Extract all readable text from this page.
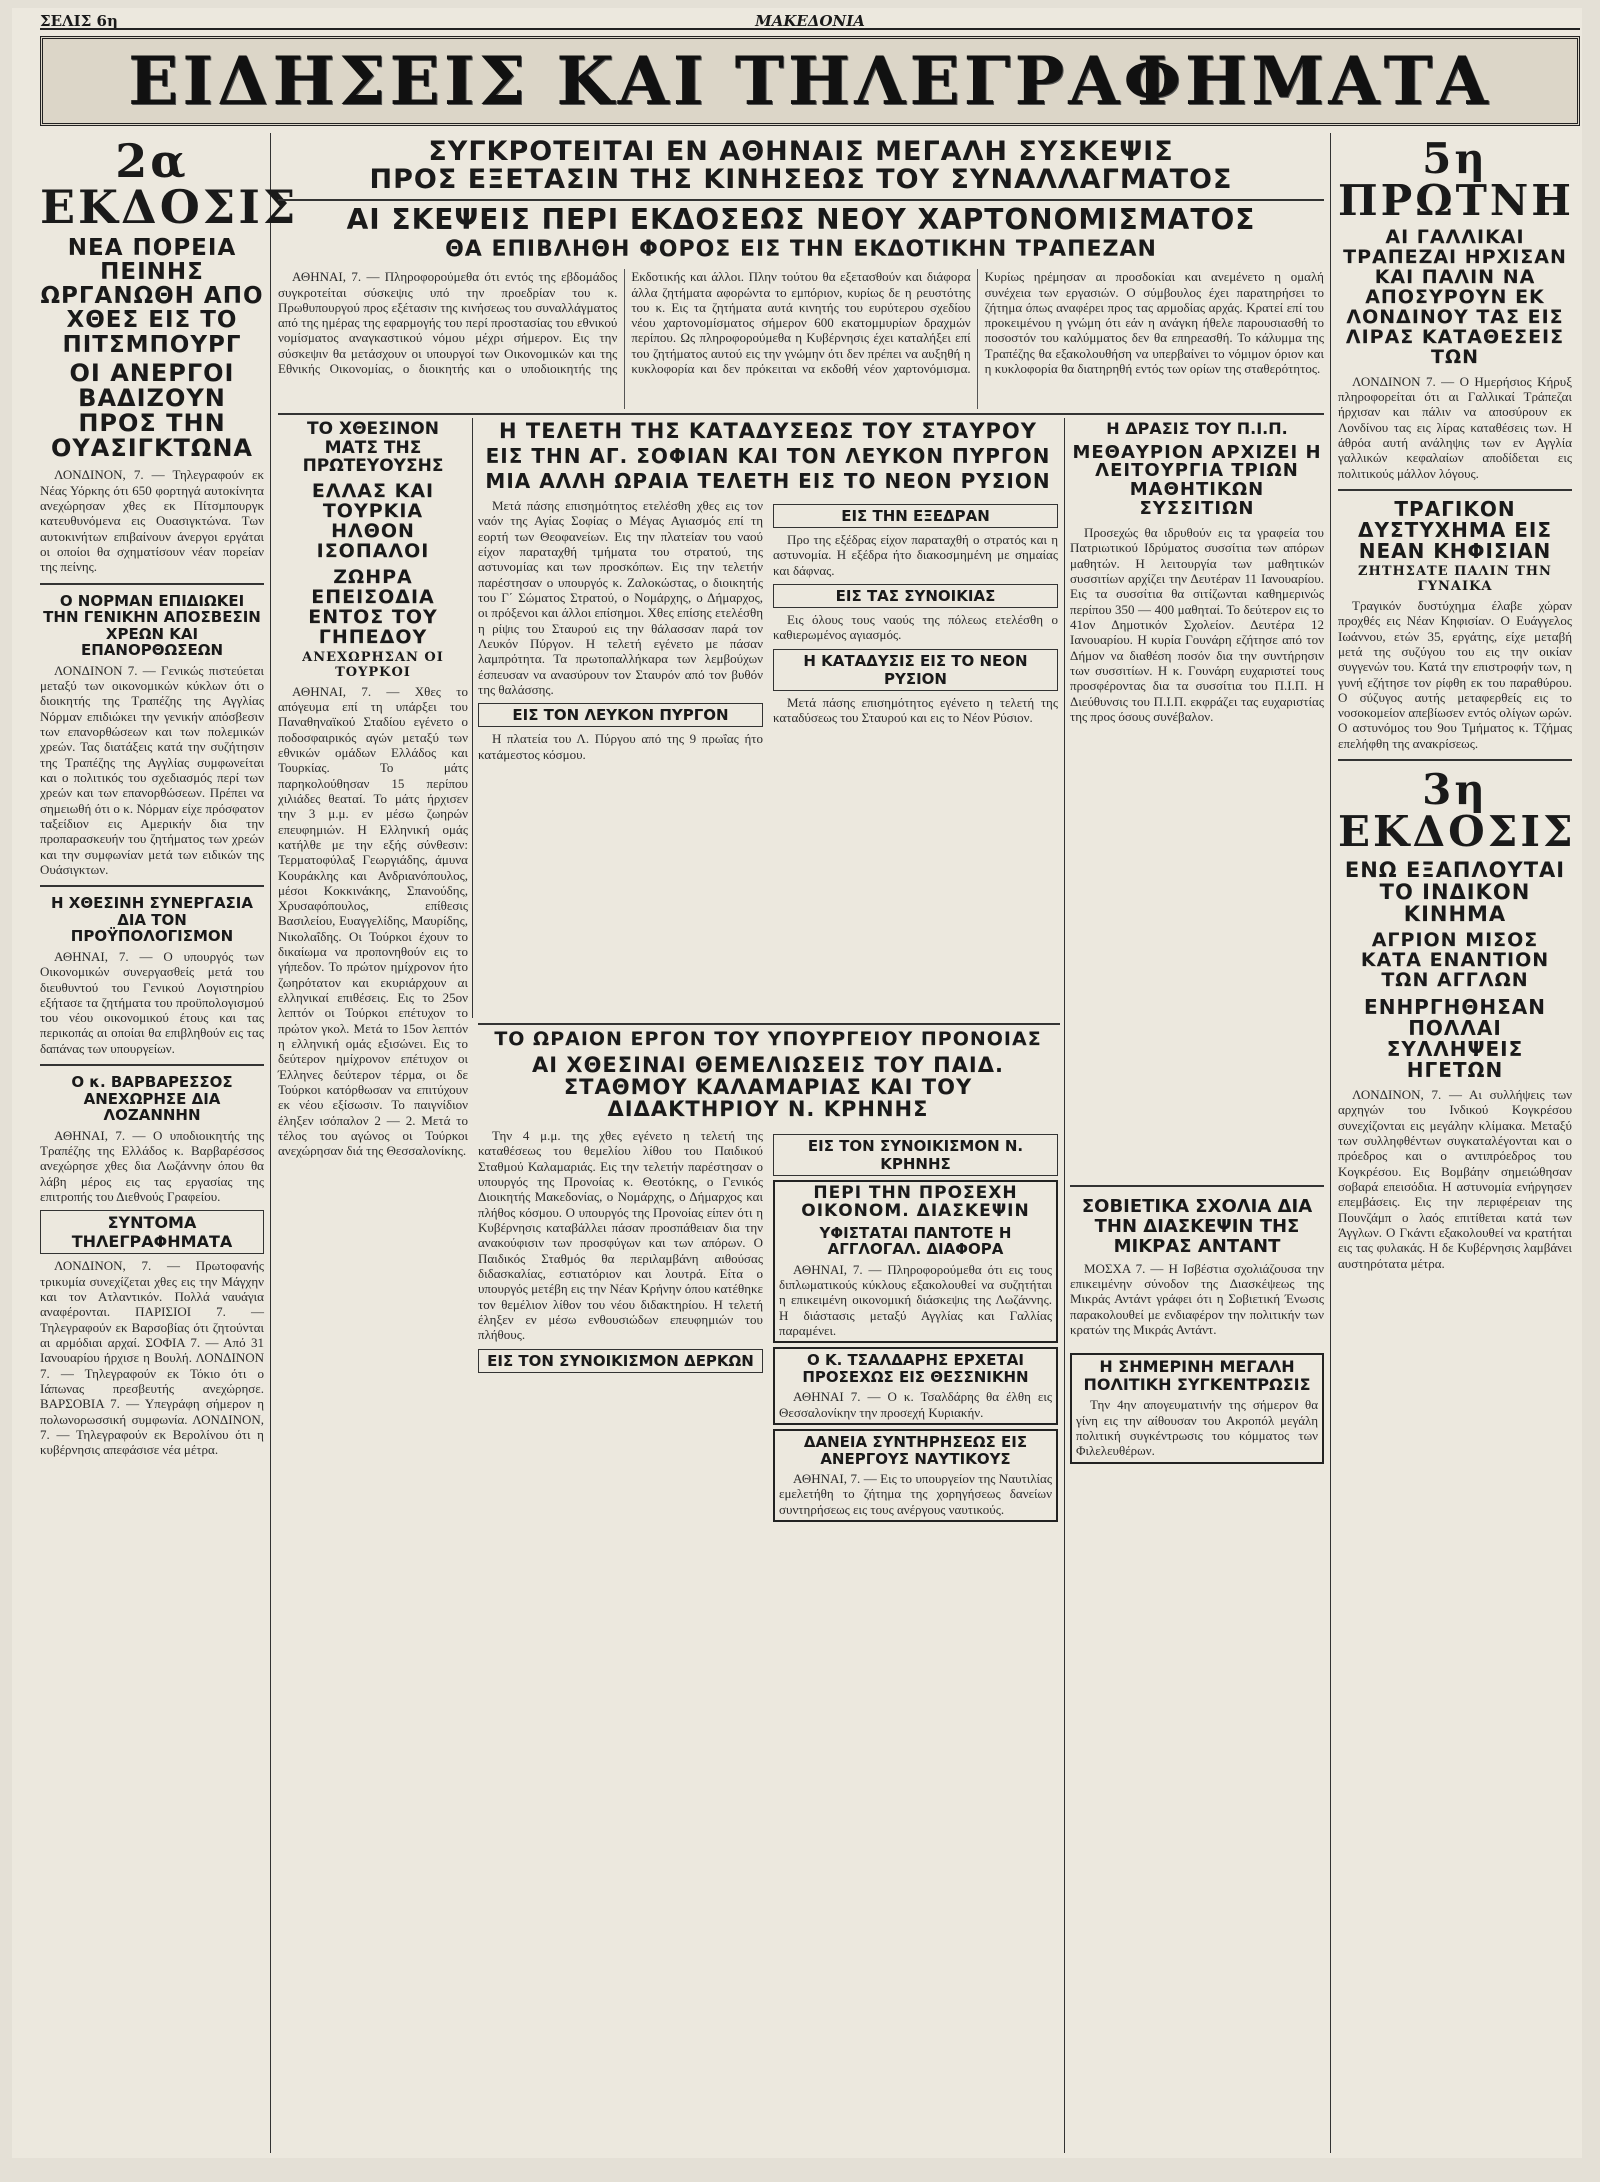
ΣΕΛΙΣ 6η	ΜΑΚΕΔΟΝΙΑ
ΕΙΔΗΣΕΙΣ ΚΑΙ ΤΗΛΕΓΡΑΦΗΜΑΤΑ
2α ΕΚΔΟΣΙΣ
ΝΕΑ ΠΟΡΕΙΑ ΠΕΙΝΗΣ ΩΡΓΑΝΩΘΗ ΑΠΟ ΧΘΕΣ ΕΙΣ ΤΟ ΠΙΤΣΜΠΟΥΡΓ
ΟΙ ΑΝΕΡΓΟΙ ΒΑΔΙΖΟΥΝ ΠΡΟΣ ΤΗΝ ΟΥΑΣΙΓΚΤΩΝΑ
ΛΟΝΔΙΝΟΝ, 7. — Τηλεγραφούν εκ Νέας Υόρκης ότι 650 φορτηγά αυτοκίνητα ανεχώρησαν χθες εκ Πίτσμπουργκ κατευθυνόμενα εις Ουασιγκτώνα. Των αυτοκινήτων επιβαίνουν άνεργοι εργάται οι οποίοι θα σχηματίσουν νέαν πορείαν της πείνης.
Ο ΝΟΡΜΑΝ ΕΠΙΔΙΩΚΕΙ ΤΗΝ ΓΕΝΙΚΗΝ ΑΠΟΣΒΕΣΙΝ ΧΡΕΩΝ ΚΑΙ ΕΠΑΝΟΡΘΩΣΕΩΝ
ΛΟΝΔΙΝΟΝ 7. — Γενικώς πιστεύεται μεταξύ των οικονομικών κύκλων ότι ο διοικητής της Τραπέζης της Αγγλίας Νόρμαν επιδιώκει την γενικήν απόσβεσιν των επανορθώσεων και των πολεμικών χρεών. Τας διατάξεις κατά την συζήτησιν της Τραπέζης της Αγγλίας συμφωνείται και ο πολιτικός του σχεδιασμός περί των χρεών και των επανορθώσεων. Πρέπει να σημειωθή ότι ο κ. Νόρμαν είχε πρόσφατον ταξείδιον εις Αμερικήν δια την προπαρασκευήν του ζητήματος των χρεών και την συμφωνίαν μετά των ειδικών της Ουάσιγκτων.
Η ΧΘΕΣΙΝΗ ΣΥΝΕΡΓΑΣΙΑ ΔΙΑ ΤΟΝ ΠΡΟΫΠΟΛΟΓΙΣΜΟΝ
ΑΘΗΝΑΙ, 7. — Ο υπουργός των Οικονομικών συνεργασθείς μετά του διευθυντού του Γενικού Λογιστηρίου εξήτασε τα ζητήματα του προϋπολογισμού του νέου οικονομικού έτους και τας περικοπάς αι οποίαι θα επιβληθούν εις τας δαπάνας των υπουργείων.
Ο κ. ΒΑΡΒΑΡΕΣΣΟΣ ΑΝΕΧΩΡΗΣΕ ΔΙΑ ΛΟΖΑΝΝΗΝ
ΑΘΗΝΑΙ, 7. — Ο υποδιοικητής της Τραπέζης της Ελλάδος κ. Βαρβαρέσσος ανεχώρησε χθες δια Λωζάννην όπου θα λάβη μέρος εις τας εργασίας της επιτροπής του Διεθνούς Γραφείου.
ΣΥΝΤΟΜΑ ΤΗΛΕΓΡΑΦΗΜΑΤΑ
ΛΟΝΔΙΝΟΝ, 7. — Πρωτοφανής τρικυμία συνεχίζεται χθες εις την Μάγχην και τον Ατλαντικόν. Πολλά ναυάγια αναφέρονται. ΠΑΡΙΣΙΟΙ 7. — Τηλεγραφούν εκ Βαρσοβίας ότι ζητούνται αι αρμόδιαι αρχαί. ΣΟΦΙΑ 7. — Από 31 Ιανουαρίου ήρχισε η Βουλή. ΛΟΝΔΙΝΟΝ 7. — Τηλεγραφούν εκ Τόκιο ότι ο Ιάπωνας πρεσβευτής ανεχώρησε. ΒΑΡΣΟΒΙΑ 7. — Υπεγράφη σήμερον η πολωνορωσσική συμφωνία. ΛΟΝΔΙΝΟΝ, 7. — Τηλεγραφούν εκ Βερολίνου ότι η κυβέρνησις απεφάσισε νέα μέτρα.
ΣΥΓΚΡΟΤΕΙΤΑΙ ΕΝ ΑΘΗΝΑΙΣ ΜΕΓΑΛΗ ΣΥΣΚΕΨΙΣ
ΠΡΟΣ ΕΞΕΤΑΣΙΝ ΤΗΣ ΚΙΝΗΣΕΩΣ ΤΟΥ ΣΥΝΑΛΛΑΓΜΑΤΟΣ
ΑΙ ΣΚΕΨΕΙΣ ΠΕΡΙ ΕΚΔΟΣΕΩΣ ΝΕΟΥ ΧΑΡΤΟΝΟΜΙΣΜΑΤΟΣ
ΘΑ ΕΠΙΒΛΗΘΗ ΦΟΡΟΣ ΕΙΣ ΤΗΝ ΕΚΔΟΤΙΚΗΝ ΤΡΑΠΕΖΑΝ
ΑΘΗΝΑΙ, 7. — Πληροφορούμεθα ότι εντός της εβδομάδος συγκροτείται σύσκεψις υπό την προεδρίαν του κ. Πρωθυπουργού προς εξέτασιν της κινήσεως του συναλλάγματος από της ημέρας της εφαρμογής του περί προστασίας του εθνικού νομίσματος αναγκαστικού νόμου μέχρι σήμερον. Εις την σύσκεψιν θα μετάσχουν οι υπουργοί των Οικονομικών και της Εθνικής Οικονομίας, ο διοικητής και ο υποδιοικητής της Εκδοτικής και άλλοι. Πλην τούτου θα εξετασθούν και διάφορα άλλα ζητήματα αφορώντα το εμπόριον, κυρίως δε η ρευστότης του κ. Εις τα ζητήματα αυτά κινητής του ευρύτερου σχεδίου νέου χαρτονομίσματος σήμερον 600 εκατομμυρίων δραχμών περίπου. Ως πληροφορούμεθα η Κυβέρνησις έχει καταλήξει επί του ζητήματος αυτού εις την γνώμην ότι δεν πρέπει να αυξηθή η κυκλοφορία και δεν πρόκειται να εκδοθή νέον χαρτονόμισμα. Κυρίως ηρέμησαν αι προσδοκίαι και ανεμένετο η ομαλή συνέχεια των εργασιών. Ο σύμβουλος έχει παρατηρήσει το ζήτημα όπως αναφέρει προς τας αρμοδίας αρχάς. Κρατεί επί του προκειμένου η γνώμη ότι εάν η ανάγκη ήθελε παρουσιασθή το ποσοστόν του καλύμματος δεν θα επηρεασθή. Το κάλυμμα της Τραπέζης θα εξακολουθήση να υπερβαίνει το νόμιμον όριον και η κυκλοφορία θα διατηρηθή εντός των ορίων της σταθερότητος.
ΤΟ ΧΘΕΣΙΝΟΝ ΜΑΤΣ ΤΗΣ ΠΡΩΤΕΥΟΥΣΗΣ
ΕΛΛΑΣ ΚΑΙ ΤΟΥΡΚΙΑ ΗΛΘΟΝ ΙΣΟΠΑΛΟΙ
ΖΩΗΡΑ ΕΠΕΙΣΟΔΙΑ ΕΝΤΟΣ ΤΟΥ ΓΗΠΕΔΟΥ
ΑΝΕΧΩΡΗΣΑΝ ΟΙ ΤΟΥΡΚΟΙ
ΑΘΗΝΑΙ, 7. — Χθες το απόγευμα επί τη υπάρξει του Παναθηναϊκού Σταδίου εγένετο ο ποδοσφαιρικός αγών μεταξύ των εθνικών ομάδων Ελλάδος και Τουρκίας. Το μάτς παρηκολούθησαν 15 περίπου χιλιάδες θεαταί. Το μάτς ήρχισεν την 3 μ.μ. εν μέσω ζωηρών επευφημιών. Η Ελληνική ομάς κατήλθε με την εξής σύνθεσιν: Τερματοφύλαξ Γεωργιάδης, άμυνα Κουράκλης και Ανδριανόπουλος, μέσοι Κοκκινάκης, Σπανούδης, Χρυσαφόπουλος, επίθεσις Βασιλείου, Ευαγγελίδης, Μαυρίδης, Νικολαΐδης. Οι Τούρκοι έχουν το δικαίωμα να προπονηθούν εις το γήπεδον. Το πρώτον ημίχρονον ήτο ζωηρότατον και εκυριάρχουν αι ελληνικαί επιθέσεις. Εις το 25ον λεπτόν οι Τούρκοι επέτυχον το πρώτον γκολ. Μετά το 15ον λεπτόν η ελληνική ομάς εξισώνει. Εις το δεύτερον ημίχρονον επέτυχον οι Έλληνες δεύτερον τέρμα, οι δε Τούρκοι κατόρθωσαν να επιτύχουν εκ νέου εξίσωσιν. Το παιγνίδιον έληξεν ισόπαλον 2 — 2. Μετά το τέλος του αγώνος οι Τούρκοι ανεχώρησαν διά της Θεσσαλονίκης.
Η ΤΕΛΕΤΗ ΤΗΣ ΚΑΤΑΔΥΣΕΩΣ ΤΟΥ ΣΤΑΥΡΟΥ
ΕΙΣ ΤΗΝ ΑΓ. ΣΟΦΙΑΝ ΚΑΙ ΤΟΝ ΛΕΥΚΟΝ ΠΥΡΓΟΝ
ΜΙΑ ΑΛΛΗ ΩΡΑΙΑ ΤΕΛΕΤΗ ΕΙΣ ΤΟ ΝΕΟΝ ΡΥΣΙΟΝ
Μετά πάσης επισημότητος ετελέσθη χθες εις τον ναόν της Αγίας Σοφίας ο Μέγας Αγιασμός επί τη εορτή των Θεοφανείων. Εις την πλατείαν του ναού είχον παραταχθή τμήματα του στρατού, της αστυνομίας και των προσκόπων. Εις την τελετήν παρέστησαν ο υπουργός κ. Ζαλοκώστας, ο διοικητής του Γ΄ Σώματος Στρατού, ο Νομάρχης, ο Δήμαρχος, οι πρόξενοι και άλλοι επίσημοι. Χθες επίσης ετελέσθη η ρίψις του Σταυρού εις την θάλασσαν παρά τον Λευκόν Πύργον. Η τελετή εγένετο με πάσαν λαμπρότητα. Τα πρωτοπαλλήκαρα των λεμβούχων έσπευσαν να ανασύρουν τον Σταυρόν από τον βυθόν της θαλάσσης.
ΕΙΣ ΤΟΝ ΛΕΥΚΟΝ ΠΥΡΓΟΝ
Η πλατεία του Λ. Πύργου από της 9 πρωΐας ήτο κατάμεστος κόσμου.
ΕΙΣ ΤΗΝ ΕΞΕΔΡΑΝ
Προ της εξέδρας είχον παραταχθή ο στρατός και η αστυνομία. Η εξέδρα ήτο διακοσμημένη με σημαίας και δάφνας.
ΕΙΣ ΤΑΣ ΣΥΝΟΙΚΙΑΣ
Εις όλους τους ναούς της πόλεως ετελέσθη ο καθιερωμένος αγιασμός.
Η ΚΑΤΑΔΥΣΙΣ ΕΙΣ ΤΟ ΝΕΟΝ ΡΥΣΙΟΝ
Μετά πάσης επισημότητος εγένετο η τελετή της καταδύσεως του Σταυρού και εις το Νέον Ρύσιον.
Η ΔΡΑΣΙΣ ΤΟΥ Π.Ι.Π.
ΜΕΘΑΥΡΙΟΝ ΑΡΧΙΖΕΙ Η ΛΕΙΤΟΥΡΓΙΑ ΤΡΙΩΝ ΜΑΘΗΤΙΚΩΝ ΣΥΣΣΙΤΙΩΝ
Προσεχώς θα ιδρυθούν εις τα γραφεία του Πατριωτικού Ιδρύματος συσσίτια των απόρων μαθητών. Η λειτουργία των μαθητικών συσσιτίων αρχίζει την Δευτέραν 11 Ιανουαρίου. Εις τα συσσίτια θα σιτίζωνται καθημερινώς περίπου 350 — 400 μαθηταί. Το δεύτερον εις το 41ον Δημοτικόν Σχολείον. Δευτέρα 12 Ιανουαρίου. Η κυρία Γουνάρη εζήτησε από τον Δήμον να διαθέση ποσόν δια την συντήρησιν των συσσιτίων. Η κ. Γουνάρη ευχαριστεί τους προσφέροντας δια τα συσσίτια του Π.Ι.Π. Η Διεύθυνσις του Π.Ι.Π. εκφράζει τας ευχαριστίας της προς όσους συνέβαλον.
ΣΟΒΙΕΤΙΚΑ ΣΧΟΛΙΑ ΔΙΑ ΤΗΝ ΔΙΑΣΚΕΨΙΝ ΤΗΣ ΜΙΚΡΑΣ ΑΝΤΑΝΤ
ΜΟΣΧΑ 7. — Η Ισβέστια σχολιάζουσα την επικειμένην σύνοδον της Διασκέψεως της Μικράς Αντάντ γράφει ότι η Σοβιετική Ένωσις παρακολουθεί με ενδιαφέρον την πολιτικήν των κρατών της Μικράς Αντάντ.
Η ΣΗΜΕΡΙΝΗ ΜΕΓΑΛΗ ΠΟΛΙΤΙΚΗ ΣΥΓΚΕΝΤΡΩΣΙΣ
Την 4ην απογευματινήν της σήμερον θα γίνη εις την αίθουσαν του Ακροπόλ μεγάλη πολιτική συγκέντρωσις του κόμματος των Φιλελευθέρων.
ΤΟ ΩΡΑΙΟΝ ΕΡΓΟΝ ΤΟΥ ΥΠΟΥΡΓΕΙΟΥ ΠΡΟΝΟΙΑΣ
ΑΙ ΧΘΕΣΙΝΑΙ ΘΕΜΕΛΙΩΣΕΙΣ ΤΟΥ ΠΑΙΔ. ΣΤΑΘΜΟΥ ΚΑΛΑΜΑΡΙΑΣ ΚΑΙ ΤΟΥ ΔΙΔΑΚΤΗΡΙΟΥ Ν. ΚΡΗΝΗΣ
Την 4 μ.μ. της χθες εγένετο η τελετή της καταθέσεως του θεμελίου λίθου του Παιδικού Σταθμού Καλαμαριάς. Εις την τελετήν παρέστησαν ο υπουργός της Προνοίας κ. Θεοτόκης, ο Γενικός Διοικητής Μακεδονίας, ο Νομάρχης, ο Δήμαρχος και πλήθος κόσμου. Ο υπουργός της Προνοίας είπεν ότι η Κυβέρνησις καταβάλλει πάσαν προσπάθειαν δια την ανακούφισιν των προσφύγων και των απόρων. Ο Παιδικός Σταθμός θα περιλαμβάνη αιθούσας διδασκαλίας, εστιατόριον και λουτρά. Είτα ο υπουργός μετέβη εις την Νέαν Κρήνην όπου κατέθηκε τον θεμέλιον λίθον του νέου διδακτηρίου. Η τελετή έληξεν εν μέσω ενθουσιώδων επευφημιών του πλήθους.
ΕΙΣ ΤΟΝ ΣΥΝΟΙΚΙΣΜΟΝ ΔΕΡΚΩΝ
ΕΙΣ ΤΟΝ ΣΥΝΟΙΚΙΣΜΟΝ Ν. ΚΡΗΝΗΣ
ΠΕΡΙ ΤΗΝ ΠΡΟΣΕΧΗ ΟΙΚΟΝΟΜ. ΔΙΑΣΚΕΨΙΝ
ΥΦΙΣΤΑΤΑΙ ΠΑΝΤΟΤΕ Η ΑΓΓΛΟΓΑΛ. ΔΙΑΦΟΡΑ
ΑΘΗΝΑΙ, 7. — Πληροφορούμεθα ότι εις τους διπλωματικούς κύκλους εξακολουθεί να συζητήται η επικειμένη οικονομική διάσκεψις της Λωζάννης. Η διάστασις μεταξύ Αγγλίας και Γαλλίας παραμένει.
Ο Κ. ΤΣΑΛΔΑΡΗΣ ΕΡΧΕΤΑΙ ΠΡΟΣΕΧΩΣ ΕΙΣ ΘΕΣΣΝΙΚΗΝ
ΑΘΗΝΑΙ 7. — Ο κ. Τσαλδάρης θα έλθη εις Θεσσαλονίκην την προσεχή Κυριακήν.
ΔΑΝΕΙΑ ΣΥΝΤΗΡΗΣΕΩΣ ΕΙΣ ΑΝΕΡΓΟΥΣ ΝΑΥΤΙΚΟΥΣ
ΑΘΗΝΑΙ, 7. — Εις το υπουργείον της Ναυτιλίας εμελετήθη το ζήτημα της χορηγήσεως δανείων συντηρήσεως εις τους ανέργους ναυτικούς.
5η ΠΡΩΤΝΗ
ΑΙ ΓΑΛΛΙΚΑΙ ΤΡΑΠΕΖΑΙ ΗΡΧΙΣΑΝ ΚΑΙ ΠΑΛΙΝ ΝΑ ΑΠΟΣΥΡΟΥΝ ΕΚ ΛΟΝΔΙΝΟΥ ΤΑΣ ΕΙΣ ΛΙΡΑΣ ΚΑΤΑΘΕΣΕΙΣ ΤΩΝ
ΛΟΝΔΙΝΟΝ 7. — Ο Ημερήσιος Κήρυξ πληροφορείται ότι αι Γαλλικαί Τράπεζαι ήρχισαν και πάλιν να αποσύρουν εκ Λονδίνου τας εις λίρας καταθέσεις των. Η άθρόα αυτή ανάληψις των εν Αγγλία γαλλικών κεφαλαίων αποδίδεται εις πολιτικούς μάλλον λόγους.
ΤΡΑΓΙΚΟΝ ΔΥΣΤΥΧΗΜΑ ΕΙΣ ΝΕΑΝ ΚΗΦΙΣΙΑΝ
ΖΗΤΗΣΑΤΕ ΠΑΛΙΝ ΤΗΝ ΓΥΝΑΙΚΑ
Τραγικόν δυστύχημα έλαβε χώραν προχθές εις Νέαν Κηφισίαν. Ο Ευάγγελος Ιωάννου, ετών 35, εργάτης, είχε μεταβή μετά της συζύγου του εις την οικίαν συγγενών του. Κατά την επιστροφήν των, η γυνή εζήτησε τον ρίφθη εκ του παραθύρου. Ο σύζυγος αυτής μεταφερθείς εις το νοσοκομείον απεβίωσεν εντός ολίγων ωρών. Ο αστυνόμος του 9ου Τμήματος κ. Τζήμας επελήφθη της ανακρίσεως.
3η ΕΚΔΟΣΙΣ
ΕΝΩ ΕΞΑΠΛΟΥΤΑΙ ΤΟ ΙΝΔΙΚΟΝ ΚΙΝΗΜΑ
ΑΓΡΙΟΝ ΜΙΣΟΣ ΚΑΤΑ ΕΝΑΝΤΙΟΝ ΤΩΝ ΑΓΓΛΩΝ
ΕΝΗΡΓΗΘΗΣΑΝ ΠΟΛΛΑΙ ΣΥΛΛΗΨΕΙΣ ΗΓΕΤΩΝ
ΛΟΝΔΙΝΟΝ, 7. — Αι συλλήψεις των αρχηγών του Ινδικού Κογκρέσου συνεχίζονται εις μεγάλην κλίμακα. Μεταξύ των συλληφθέντων συγκαταλέγονται και ο πρόεδρος και ο αντιπρόεδρος του Κογκρέσου. Εις Βομβάην σημειώθησαν σοβαρά επεισόδια. Η αστυνομία ενήργησεν επεμβάσεις. Εις την περιφέρειαν της Πουνζάμπ ο λαός επιτίθεται κατά των Άγγλων. Ο Γκάντι εξακολουθεί να κρατήται εις τας φυλακάς. Η δε Κυβέρνησις λαμβάνει αυστηρότατα μέτρα.
